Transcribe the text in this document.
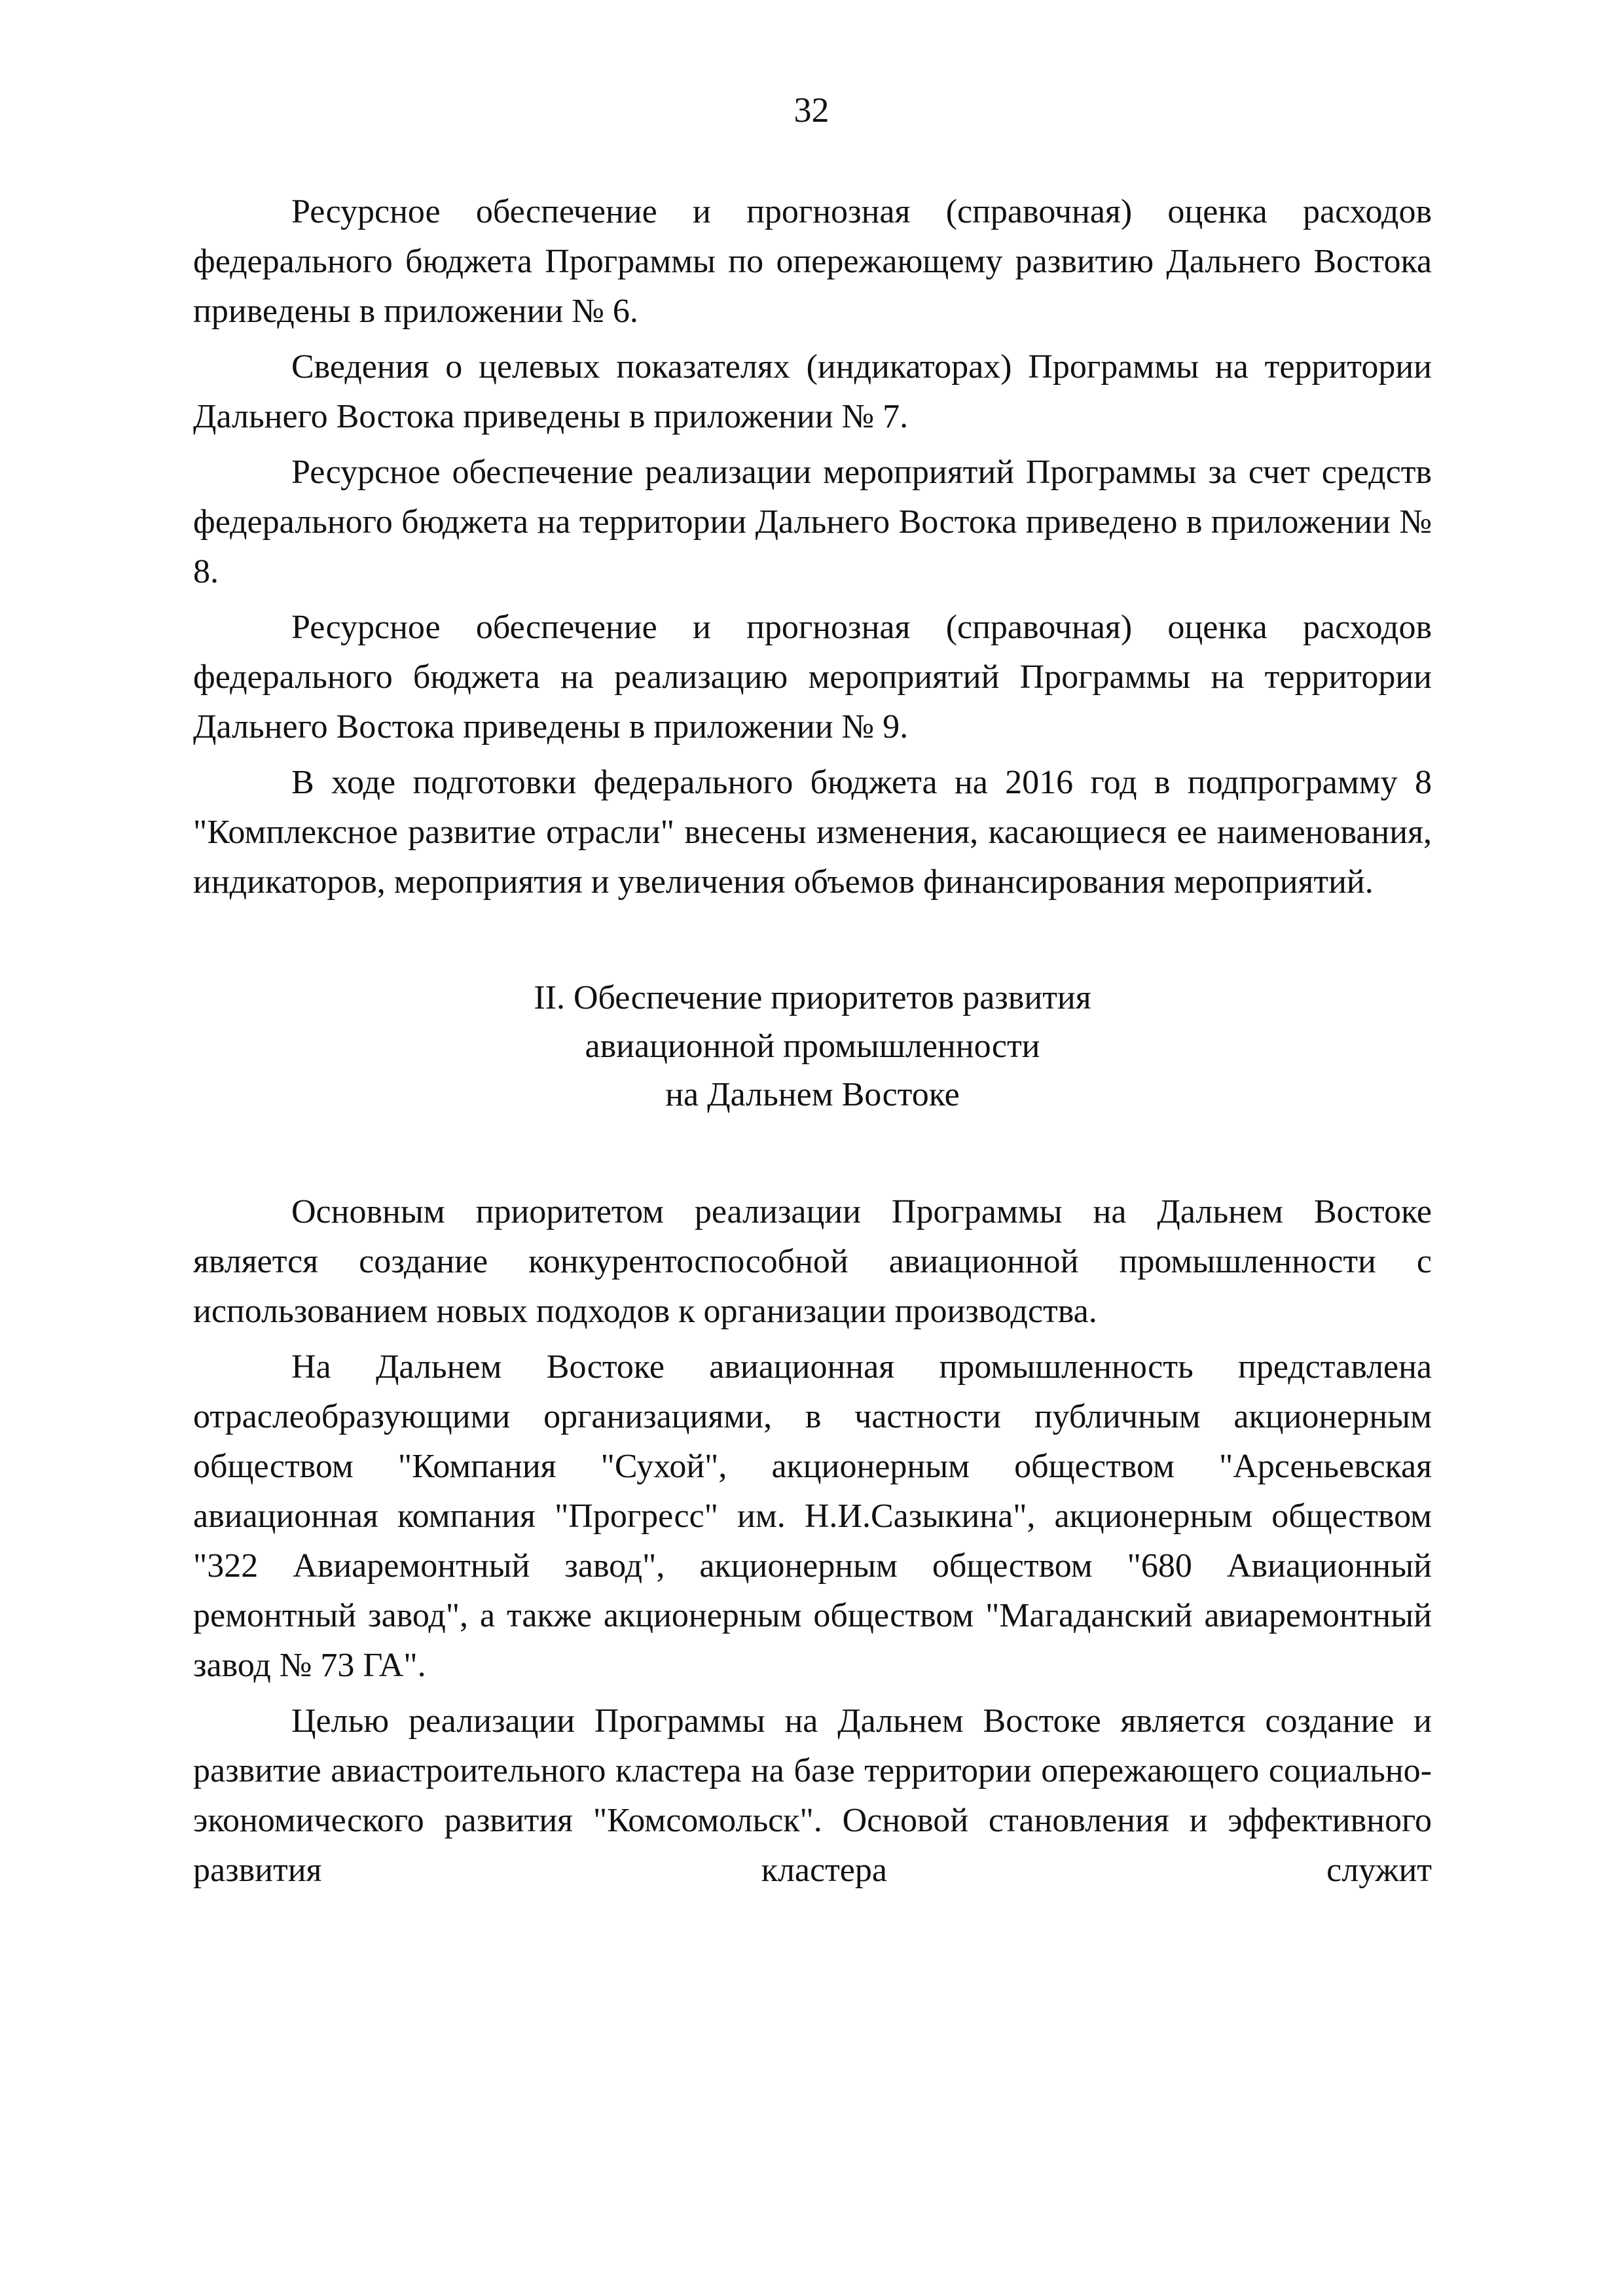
32

Ресурсное обеспечение и прогнозная (справочная) оценка расходов федерального бюджета Программы по опережающему развитию Дальнего Востока приведены в приложении № 6.

Сведения о целевых показателях (индикаторах) Программы на территории Дальнего Востока приведены в приложении № 7.

Ресурсное обеспечение реализации мероприятий Программы за счет средств федерального бюджета на территории Дальнего Востока приведено в приложении № 8.

Ресурсное обеспечение и прогнозная (справочная) оценка расходов федерального бюджета на реализацию мероприятий Программы на территории Дальнего Востока приведены в приложении № 9.

В ходе подготовки федерального бюджета на 2016 год в подпрограмму 8 "Комплексное развитие отрасли" внесены изменения, касающиеся ее наименования, индикаторов, мероприятия и увеличения объемов финансирования мероприятий.

II. Обеспечение приоритетов развития
авиационной промышленности
на Дальнем Востоке

Основным приоритетом реализации Программы на Дальнем Востоке является создание конкурентоспособной авиационной промышленности с использованием новых подходов к организации производства.

На Дальнем Востоке авиационная промышленность представлена отраслеобразующими организациями, в частности публичным акционерным обществом "Компания "Сухой", акционерным обществом "Арсеньевская авиационная компания "Прогресс" им. Н.И.Сазыкина", акционерным обществом "322 Авиаремонтный завод", акционерным обществом "680 Авиационный ремонтный завод", а также акционерным обществом "Магаданский авиаремонтный завод № 73 ГА".

Целью реализации Программы на Дальнем Востоке является создание и развитие авиастроительного кластера на базе территории опережающего социально-экономического развития "Комсомольск". Основой становления и эффективного развития кластера служит
